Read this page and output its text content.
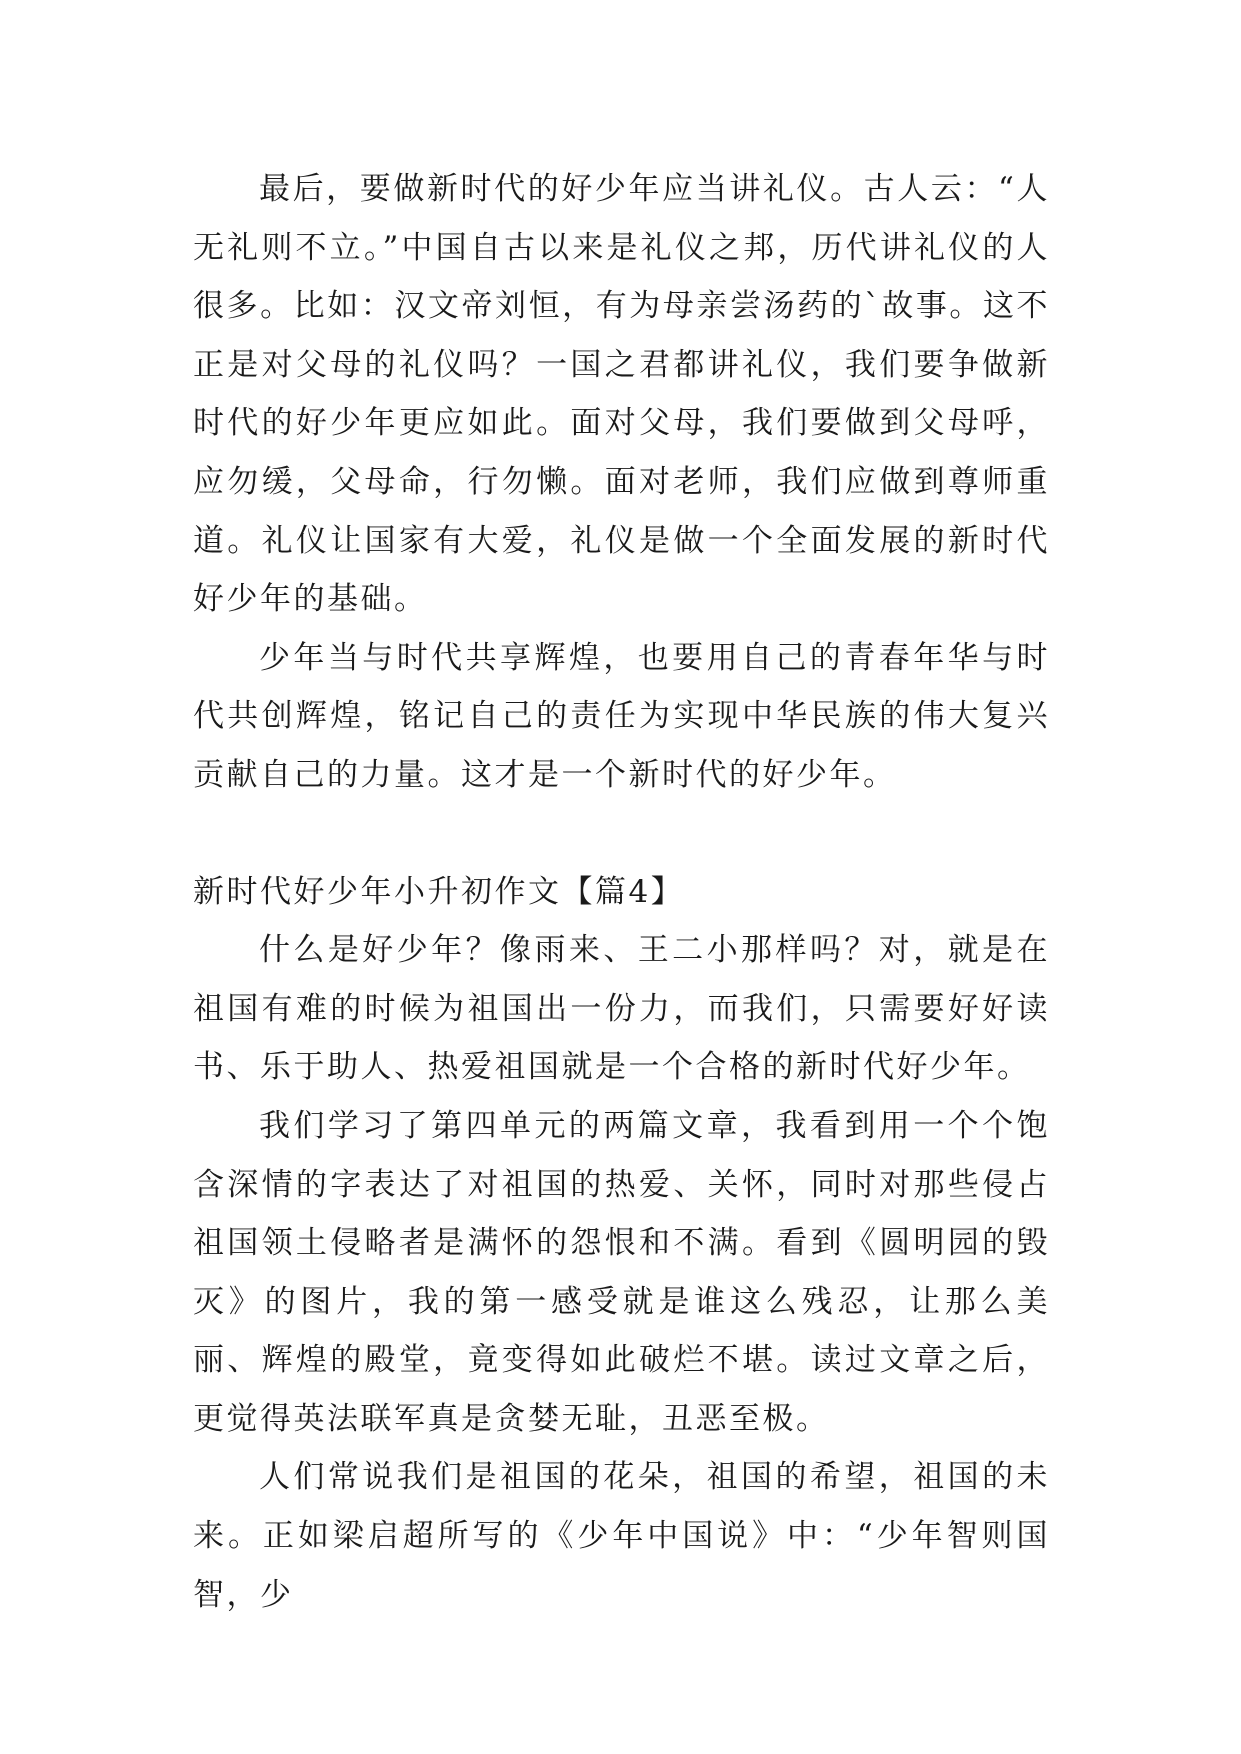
最后，要做新时代的好少年应当讲礼仪。古人云：“人无礼则不立。”中国自古以来是礼仪之邦，历代讲礼仪的人很多。比如：汉文帝刘恒，有为母亲尝汤药的`故事。这不正是对父母的礼仪吗？一国之君都讲礼仪，我们要争做新时代的好少年更应如此。面对父母，我们要做到父母呼，应勿缓，父母命，行勿懒。面对老师，我们应做到尊师重道。礼仪让国家有大爱，礼仪是做一个全面发展的新时代好少年的基础。

少年当与时代共享辉煌，也要用自己的青春年华与时代共创辉煌，铭记自己的责任为实现中华民族的伟大复兴贡献自己的力量。这才是一个新时代的好少年。

新时代好少年小升初作文【篇4】

什么是好少年？像雨来、王二小那样吗？对，就是在祖国有难的时候为祖国出一份力，而我们，只需要好好读书、乐于助人、热爱祖国就是一个合格的新时代好少年。

我们学习了第四单元的两篇文章，我看到用一个个饱含深情的字表达了对祖国的热爱、关怀，同时对那些侵占祖国领土侵略者是满怀的怨恨和不满。看到《圆明园的毁灭》的图片，我的第一感受就是谁这么残忍，让那么美丽、辉煌的殿堂，竟变得如此破烂不堪。读过文章之后，更觉得英法联军真是贪婪无耻，丑恶至极。

人们常说我们是祖国的花朵，祖国的希望，祖国的未来。正如梁启超所写的《少年中国说》中：“少年智则国智，少
